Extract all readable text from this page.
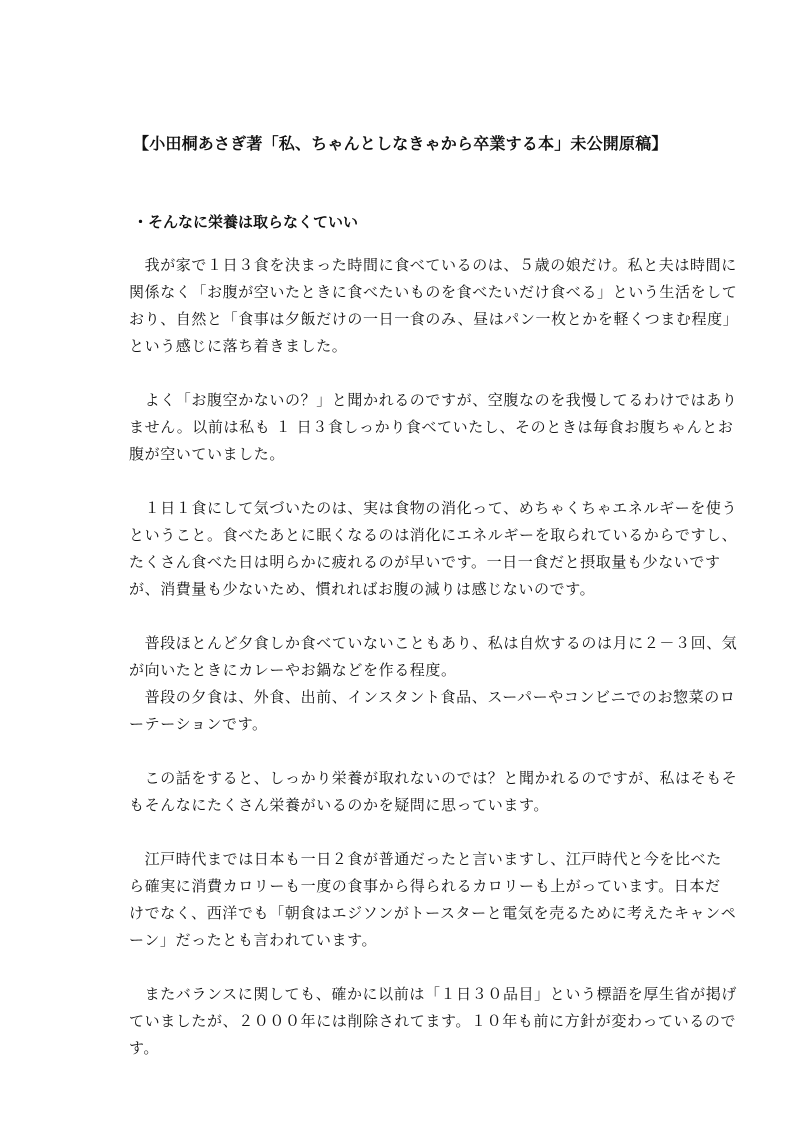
【小田桐あさぎ著「私、ちゃんとしなきゃから卒業する本」未公開原稿】
・そんなに栄養は取らなくていい
　我が家で１日３食を決まった時間に食べているのは、５歳の娘だけ。私と夫は時間に
関係なく「お腹が空いたときに食べたいものを食べたいだけ食べる」という生活をして
おり、自然と「食事は夕飯だけの一日一食のみ、昼はパン一枚とかを軽くつまむ程度」
という感じに落ち着きました。
　よく「お腹空かないの？」と聞かれるのですが、空腹なのを我慢してるわけではあり
ません。以前は私も １ 日３食しっかり食べていたし、そのときは毎食お腹ちゃんとお
腹が空いていました。
　１日１食にして気づいたのは、実は食物の消化って、めちゃくちゃエネルギーを使う
ということ。食べたあとに眠くなるのは消化にエネルギーを取られているからですし、
たくさん食べた日は明らかに疲れるのが早いです。一日一食だと摂取量も少ないです
が、消費量も少ないため、慣れればお腹の減りは感じないのです。
　普段ほとんど夕食しか食べていないこともあり、私は自炊するのは月に２－３回、気
が向いたときにカレーやお鍋などを作る程度。
　普段の夕食は、外食、出前、インスタント食品、スーパーやコンビニでのお惣菜のロ
ーテーションです。
　この話をすると、しっかり栄養が取れないのでは？と聞かれるのですが、私はそもそ
もそんなにたくさん栄養がいるのかを疑問に思っています。
　江戸時代までは日本も一日２食が普通だったと言いますし、江戸時代と今を比べた
ら確実に消費カロリーも一度の食事から得られるカロリーも上がっています。日本だ
けでなく、西洋でも「朝食はエジソンがトースターと電気を売るために考えたキャンペ
ーン」だったとも言われています。
　またバランスに関しても、確かに以前は「１日３０品目」という標語を厚生省が掲げ
ていましたが、２０００年には削除されてます。１０年も前に方針が変わっているので
す。
